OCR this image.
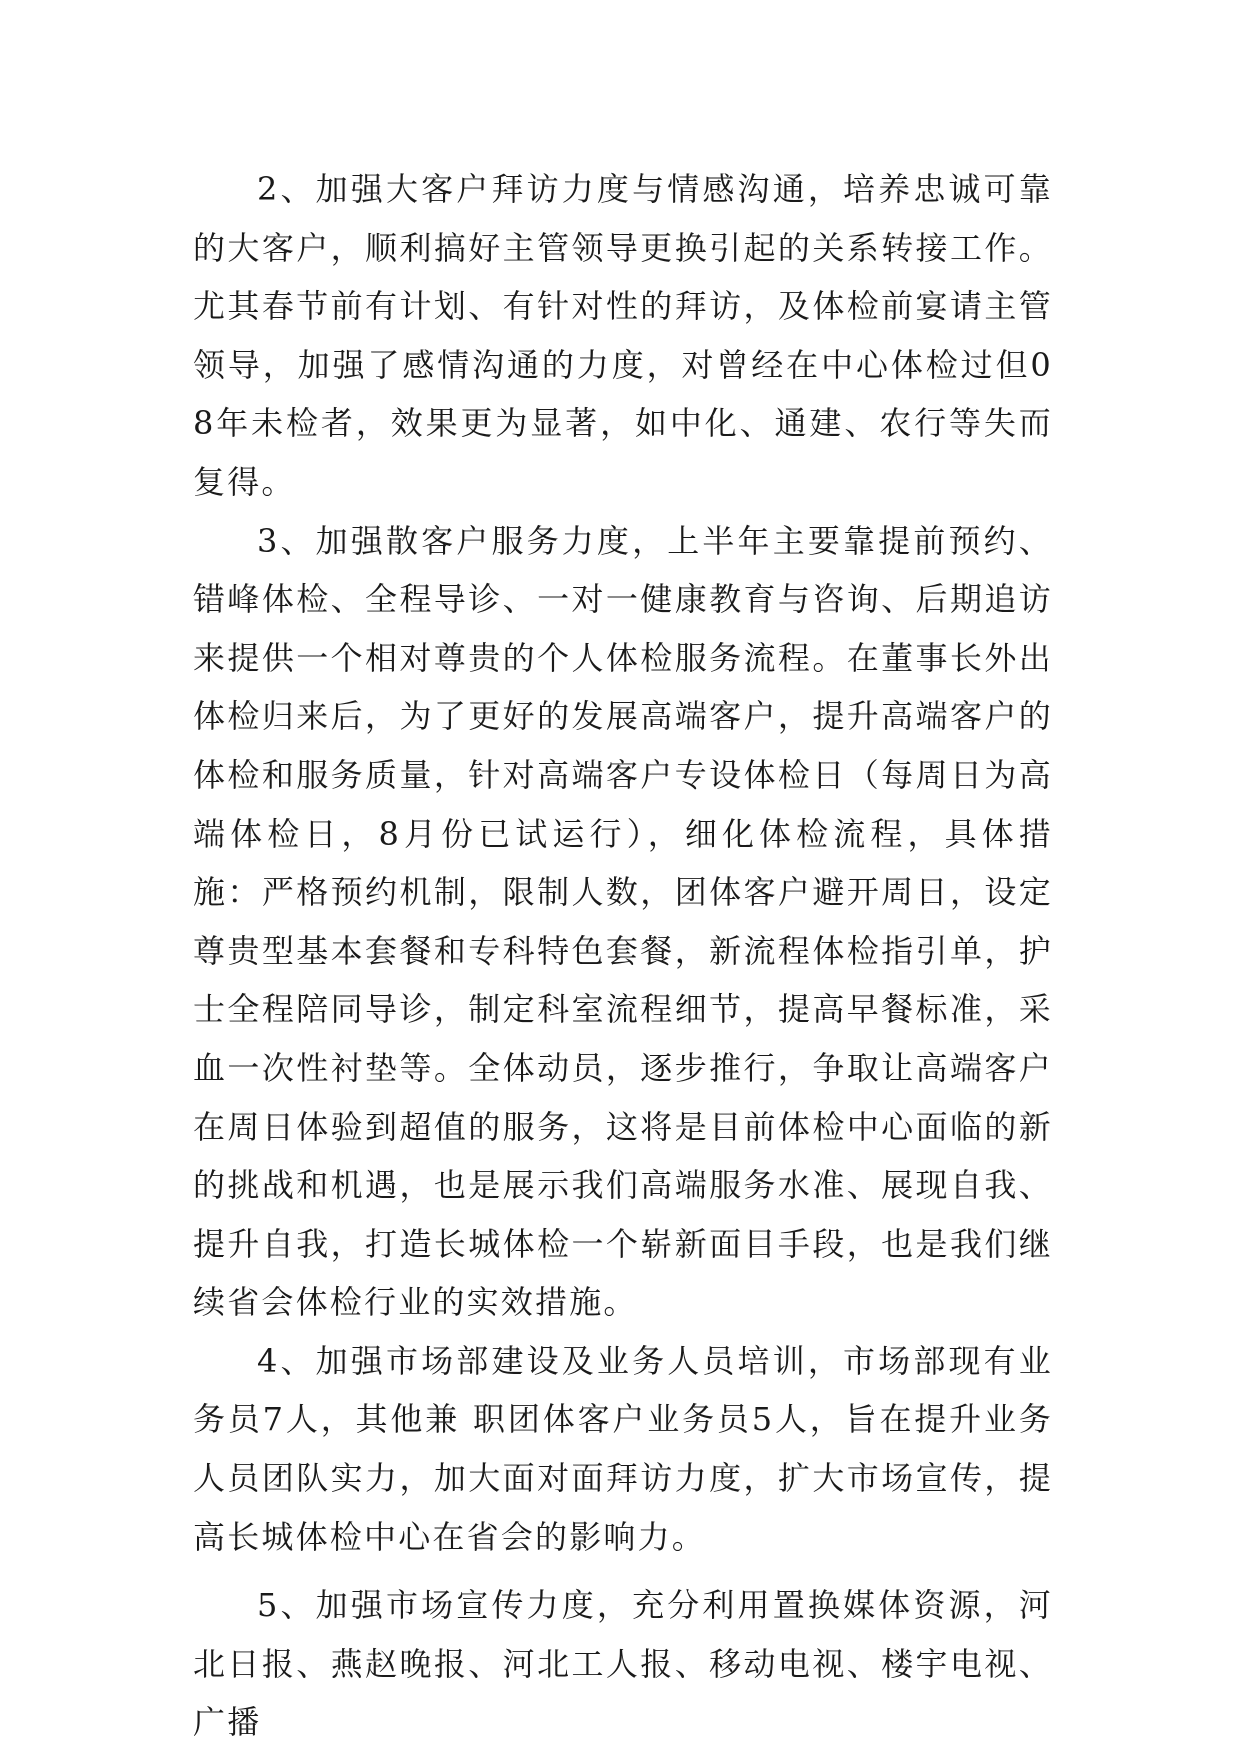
2、加强大客户拜访力度与情感沟通，培养忠诚可靠的大客户，顺利搞好主管领导更换引起的关系转接工作。尤其春节前有计划、有针对性的拜访，及体检前宴请主管领导，加强了感情沟通的力度，对曾经在中心体检过但08年未检者，效果更为显著，如中化、通建、农行等失而复得。

3、加强散客户服务力度，上半年主要靠提前预约、错峰体检、全程导诊、一对一健康教育与咨询、后期追访来提供一个相对尊贵的个人体检服务流程。在董事长外出体检归来后，为了更好的发展高端客户，提升高端客户的体检和服务质量，针对高端客户专设体检日（每周日为高端体检日，8月份已试运行），细化体检流程，具体措施：严格预约机制，限制人数，团体客户避开周日，设定尊贵型基本套餐和专科特色套餐，新流程体检指引单，护士全程陪同导诊，制定科室流程细节，提高早餐标准，采血一次性衬垫等。全体动员，逐步推行，争取让高端客户在周日体验到超值的服务，这将是目前体检中心面临的新的挑战和机遇，也是展示我们高端服务水准、展现自我、提升自我，打造长城体检一个崭新面目手段，也是我们继续省会体检行业的实效措施。

4、加强市场部建设及业务人员培训，市场部现有业务员7人，其他兼 职团体客户业务员5人，旨在提升业务人员团队实力，加大面对面拜访力度，扩大市场宣传，提高长城体检中心在省会的影响力。

5、加强市场宣传力度，充分利用置换媒体资源，河北日报、燕赵晚报、河北工人报、移动电视、楼宇电视、广播
